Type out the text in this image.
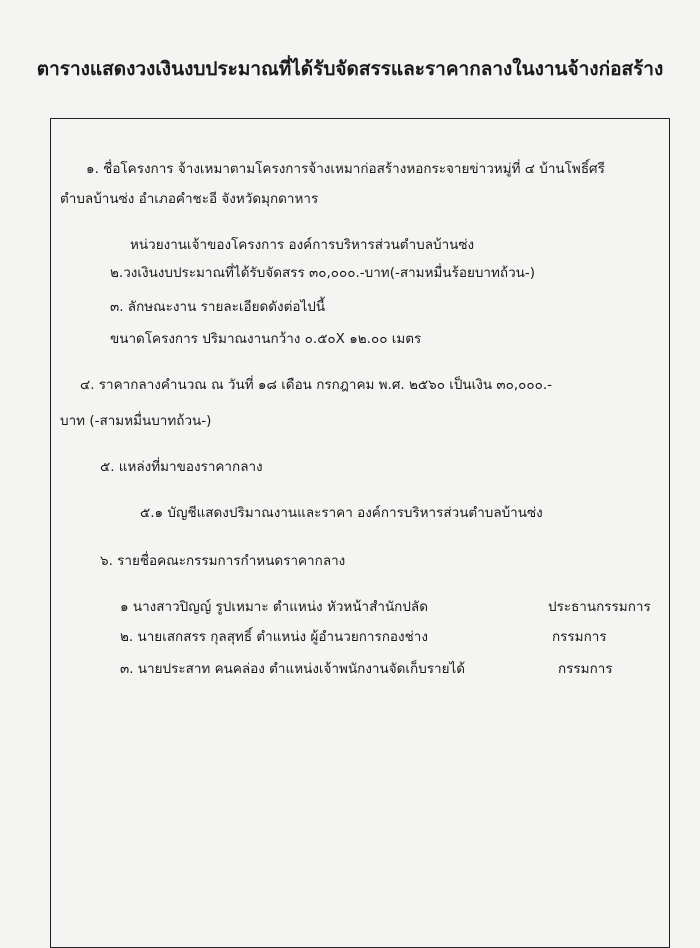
ตารางแสดงวงเงินงบประมาณที่ได้รับจัดสรรและราคากลางในงานจ้างก่อสร้าง
๑. ชื่อโครงการ จ้างเหมาตามโครงการจ้างเหมาก่อสร้างหอกระจายข่าวหมู่ที่ ๔ บ้านโพธิ์ศรี
ตำบลบ้านซ่ง อำเภอคำชะอี จังหวัดมุกดาหาร
หน่วยงานเจ้าของโครงการ องค์การบริหารส่วนตำบลบ้านซ่ง
๒.วงเงินงบประมาณที่ได้รับจัดสรร ๓๐,๐๐๐.-บาท(-สามหมื่นร้อยบาทถ้วน-)
๓. ลักษณะงาน รายละเอียดดังต่อไปนี้
ขนาดโครงการ ปริมาณงานกว้าง ๐.๕๐X ๑๒.๐๐ เมตร
๔. ราคากลางคำนวณ ณ วันที่ ๑๘ เดือน กรกฎาคม พ.ศ. ๒๕๖๐ เป็นเงิน ๓๐,๐๐๐.-
บาท (-สามหมื่นบาทถ้วน-)
๕. แหล่งที่มาของราคากลาง
๕.๑ บัญชีแสดงปริมาณงานและราคา องค์การบริหารส่วนตำบลบ้านซ่ง
๖. รายชื่อคณะกรรมการกำหนดราคากลาง
๑ นางสาวปิญญ์ รูปเหมาะ ตำแหน่ง หัวหน้าสำนักปลัด	ประธานกรรมการ
๒. นายเสกสรร กุลสุทธิ์ ตำแหน่ง ผู้อำนวยการกองช่าง	กรรมการ
๓. นายประสาท คนคล่อง ตำแหน่งเจ้าพนักงานจัดเก็บรายได้	กรรมการ
